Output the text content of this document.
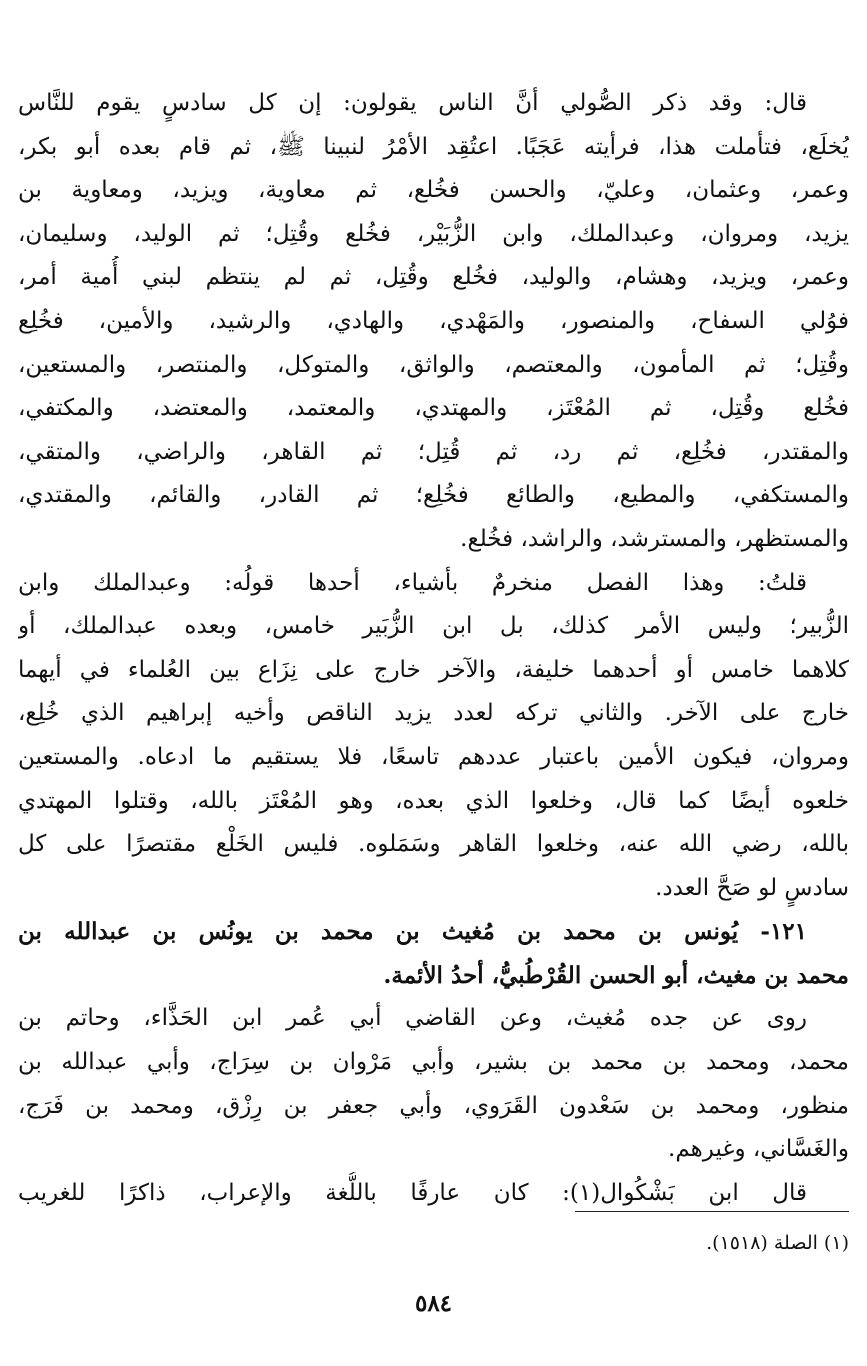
قال: وقد ذكر الصُّولي أنَّ الناس يقولون: إن كل سادسٍ يقوم للنَّاس
يُخلَع، فتأملت هذا، فرأيته عَجَبًا. اعتُقِد الأمْرُ لنبينا ﷺ، ثم قام بعده أبو بكر،
وعمر، وعثمان، وعليّ، والحسن فخُلع، ثم معاوية، ويزيد، ومعاوية بن
يزيد، ومروان، وعبدالملك، وابن الزُّبَيْر، فخُلع وقُتِل؛ ثم الوليد، وسليمان،
وعمر، ويزيد، وهشام، والوليد، فخُلع وقُتِل، ثم لم ينتظم لبني أُمية أمر،
فوُلي السفاح، والمنصور، والمَهْدي، والهادي، والرشيد، والأمين، فخُلِع
وقُتِل؛ ثم المأمون، والمعتصم، والواثق، والمتوكل، والمنتصر، والمستعين،
فخُلع وقُتِل، ثم المُعْتَز، والمهتدي، والمعتمد، والمعتضد، والمكتفي،
والمقتدر، فخُلِع، ثم رد، ثم قُتِل؛ ثم القاهر، والراضي، والمتقي،
والمستكفي، والمطيع، والطائع فخُلِع؛ ثم القادر، والقائم، والمقتدي،
والمستظهر، والمسترشد، والراشد، فخُلع.
قلتُ: وهذا الفصل منخرمٌ بأشياء، أحدها قولُه: وعبدالملك وابن
الزُّبير؛ وليس الأمر كذلك، بل ابن الزُّبَير خامس، وبعده عبدالملك، أو
كلاهما خامس أو أحدهما خليفة، والآخر خارج على نِزَاع بين العُلماء في أيهما
خارج على الآخر. والثاني تركه لعدد يزيد الناقص وأخيه إبراهيم الذي خُلِع،
ومروان، فيكون الأمين باعتبار عددهم تاسعًا، فلا يستقيم ما ادعاه. والمستعين
خلعوه أيضًا كما قال، وخلعوا الذي بعده، وهو المُعْتَز بالله، وقتلوا المهتدي
بالله، رضي الله عنه، وخلعوا القاهر وسَمَلوه. فليس الخَلْع مقتصرًا على كل
سادسٍ لو صَحَّ العدد.
١٢١- يُونس بن محمد بن مُغيث بن محمد بن يونُس بن عبدالله بن
محمد بن مغيث، أبو الحسن القُرْطُبيُّ، أحدُ الأئمة.
روى عن جده مُغيث، وعن القاضي أبي عُمر ابن الحَذَّاء، وحاتم بن
محمد، ومحمد بن محمد بن بشير، وأبي مَرْوان بن سِرَاج، وأبي عبدالله بن
منظور، ومحمد بن سَعْدون القَرَوي، وأبي جعفر بن رِزْق، ومحمد بن فَرَج،
والغَسَّاني، وغيرهم.
قال ابن بَشْكُوال(١): كان عارفًا باللُّغة والإعراب، ذاكرًا للغريب
(١) الصلة (١٥١٨).
٥٨٤
